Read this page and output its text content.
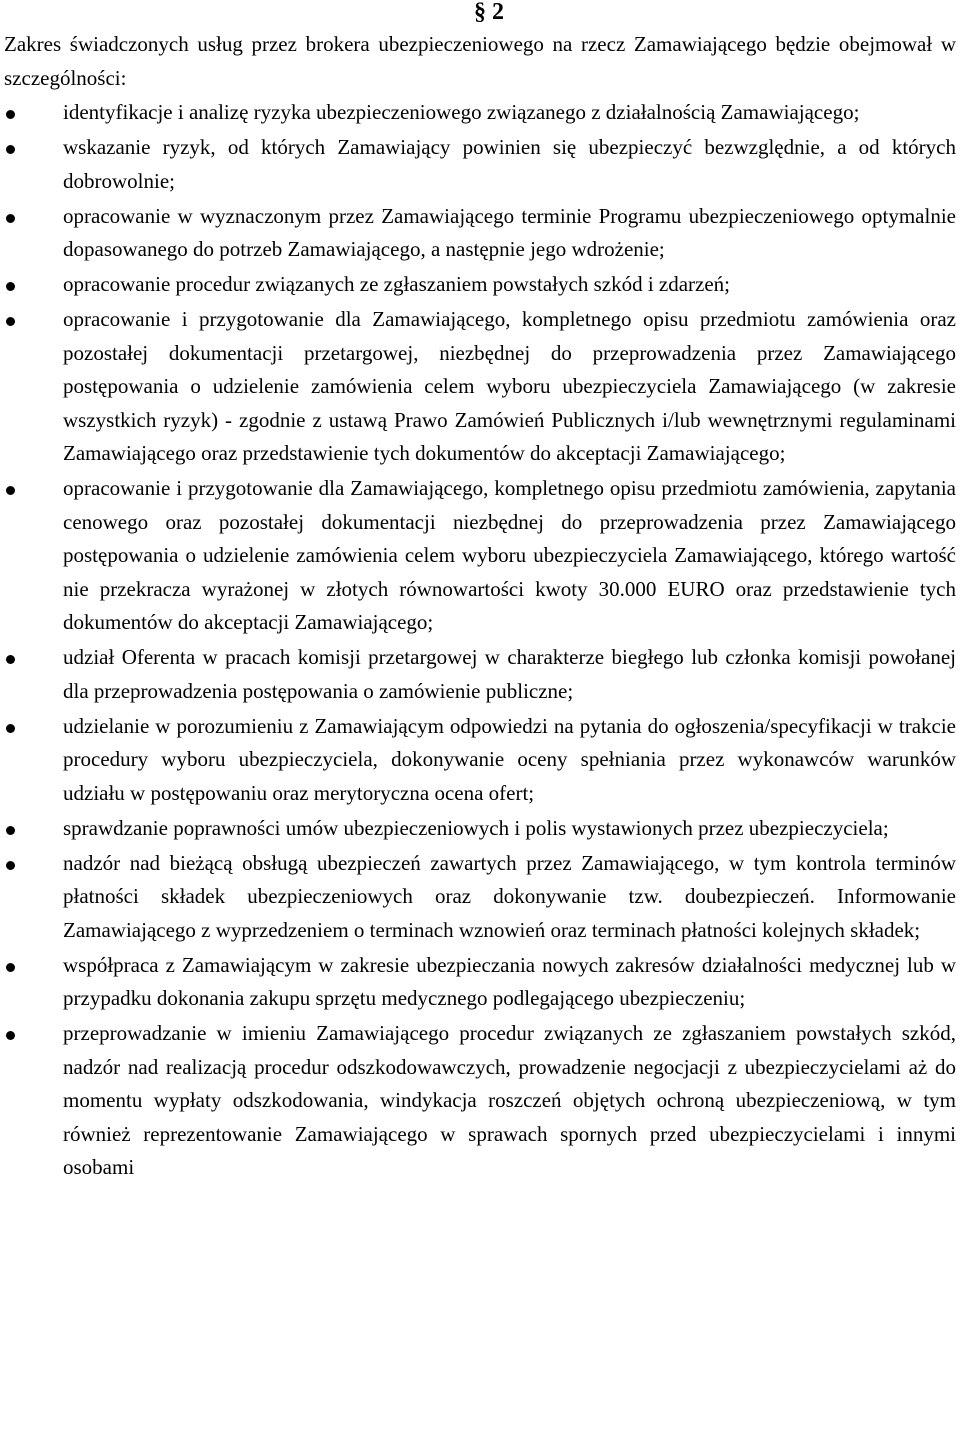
§ 2

Zakres świadczonych usług przez brokera ubezpieczeniowego na rzecz Zamawiającego będzie obejmował w szczególności:

identyfikacje i analizę ryzyka ubezpieczeniowego związanego z działalnością Zamawiającego;
wskazanie ryzyk, od których Zamawiający powinien się ubezpieczyć bezwzględnie, a od których dobrowolnie;
opracowanie w wyznaczonym przez Zamawiającego terminie Programu ubezpieczeniowego optymalnie dopasowanego do potrzeb Zamawiającego, a następnie jego wdrożenie;
opracowanie procedur związanych ze zgłaszaniem powstałych szkód i zdarzeń;
opracowanie i przygotowanie dla Zamawiającego, kompletnego opisu przedmiotu zamówienia oraz pozostałej dokumentacji przetargowej, niezbędnej do przeprowadzenia przez Zamawiającego postępowania o udzielenie zamówienia celem wyboru ubezpieczyciela Zamawiającego (w zakresie wszystkich ryzyk) - zgodnie z ustawą Prawo Zamówień Publicznych i/lub wewnętrznymi regulaminami Zamawiającego oraz przedstawienie tych dokumentów do akceptacji Zamawiającego;
opracowanie i przygotowanie dla Zamawiającego, kompletnego opisu przedmiotu zamówienia, zapytania cenowego oraz pozostałej dokumentacji niezbędnej do przeprowadzenia przez Zamawiającego postępowania o udzielenie zamówienia celem wyboru ubezpieczyciela Zamawiającego, którego wartość nie przekracza wyrażonej w złotych równowartości kwoty 30.000 EURO oraz przedstawienie tych dokumentów do akceptacji Zamawiającego;
udział Oferenta w pracach komisji przetargowej w charakterze biegłego lub członka komisji powołanej dla przeprowadzenia postępowania o zamówienie publiczne;
udzielanie w porozumieniu z Zamawiającym odpowiedzi na pytania do ogłoszenia/specyfikacji w trakcie procedury wyboru ubezpieczyciela, dokonywanie oceny spełniania przez wykonawców warunków udziału w postępowaniu oraz merytoryczna ocena ofert;
sprawdzanie poprawności umów ubezpieczeniowych i polis wystawionych przez ubezpieczyciela;
nadzór nad bieżącą obsługą ubezpieczeń zawartych przez Zamawiającego, w tym kontrola terminów płatności składek ubezpieczeniowych oraz dokonywanie tzw. doubezpieczeń. Informowanie Zamawiającego z wyprzedzeniem o terminach wznowień oraz terminach płatności kolejnych składek;
współpraca z Zamawiającym w zakresie ubezpieczania nowych zakresów działalności medycznej lub w przypadku dokonania zakupu sprzętu medycznego podlegającego ubezpieczeniu;
przeprowadzanie w imieniu Zamawiającego procedur związanych ze zgłaszaniem powstałych szkód, nadzór nad realizacją procedur odszkodowawczych, prowadzenie negocjacji z ubezpieczycielami aż do momentu wypłaty odszkodowania, windykacja roszczeń objętych ochroną ubezpieczeniową, w tym również reprezentowanie Zamawiającego w sprawach spornych przed ubezpieczycielami i innymi osobami
